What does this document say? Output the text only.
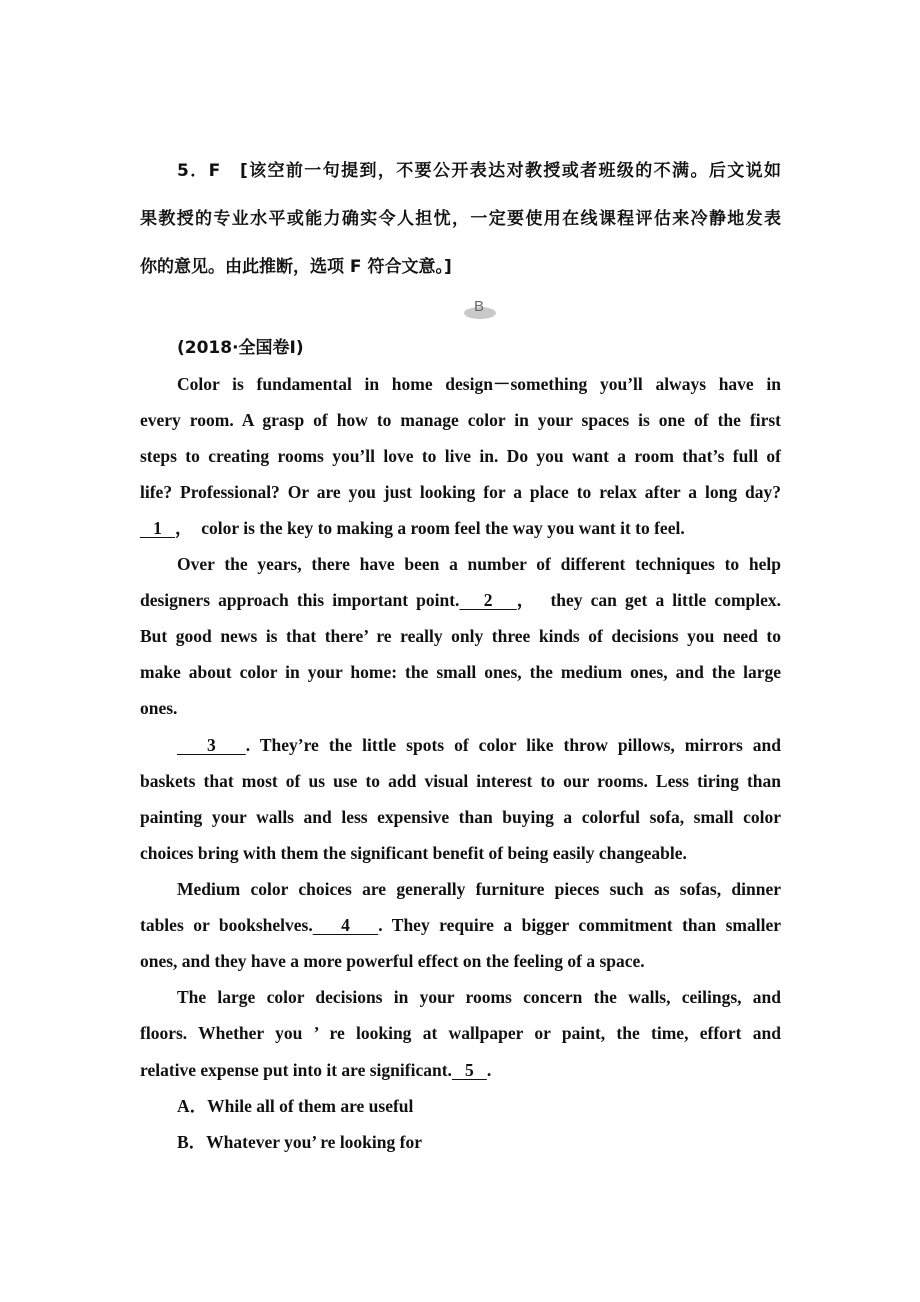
5．F　[该空前一句提到，不要公开表达对教授或者班级的不满。后文说如
果教授的专业水平或能力确实令人担忧，一定要使用在线课程评估来冷静地发表
你的意见。由此推断，选项 F 符合文意。]
B
(2018·全国卷Ⅰ)
Color is fundamental in home design－something you’ll always have in
every room. A grasp of how to manage color in your spaces is one of the first
steps to creating rooms you’ll love to live in. Do you want a room that’s full of
life? Professional? Or are you just looking for a place to relax after a long day?
1   ，　color is the key to making a room feel the way you want it to feel.
Over the years, there have been a number of different techniques to help
designers approach this important point.   2   ，　they can get a little complex.
But good news is that there’ re really only three kinds of decisions you need to
make about color in your home: the small ones, the medium ones, and the large
ones.
3   . They’re the little spots of color like throw pillows, mirrors and
baskets that most of us use to add visual interest to our rooms. Less tiring than
painting your walls and less expensive than buying a colorful sofa, small color
choices bring with them the significant benefit of being easily changeable.
Medium color choices are generally furniture pieces such as sofas, dinner
tables or bookshelves.   4   . They require a bigger commitment than smaller
ones, and they have a more powerful effect on the feeling of a space.
The large color decisions in your rooms concern the walls, ceilings, and
floors. Whether you ’ re looking at wallpaper or paint, the time, effort and
relative expense put into it are significant.   5   .
A．While all of them are useful
B．Whatever you’ re looking for
